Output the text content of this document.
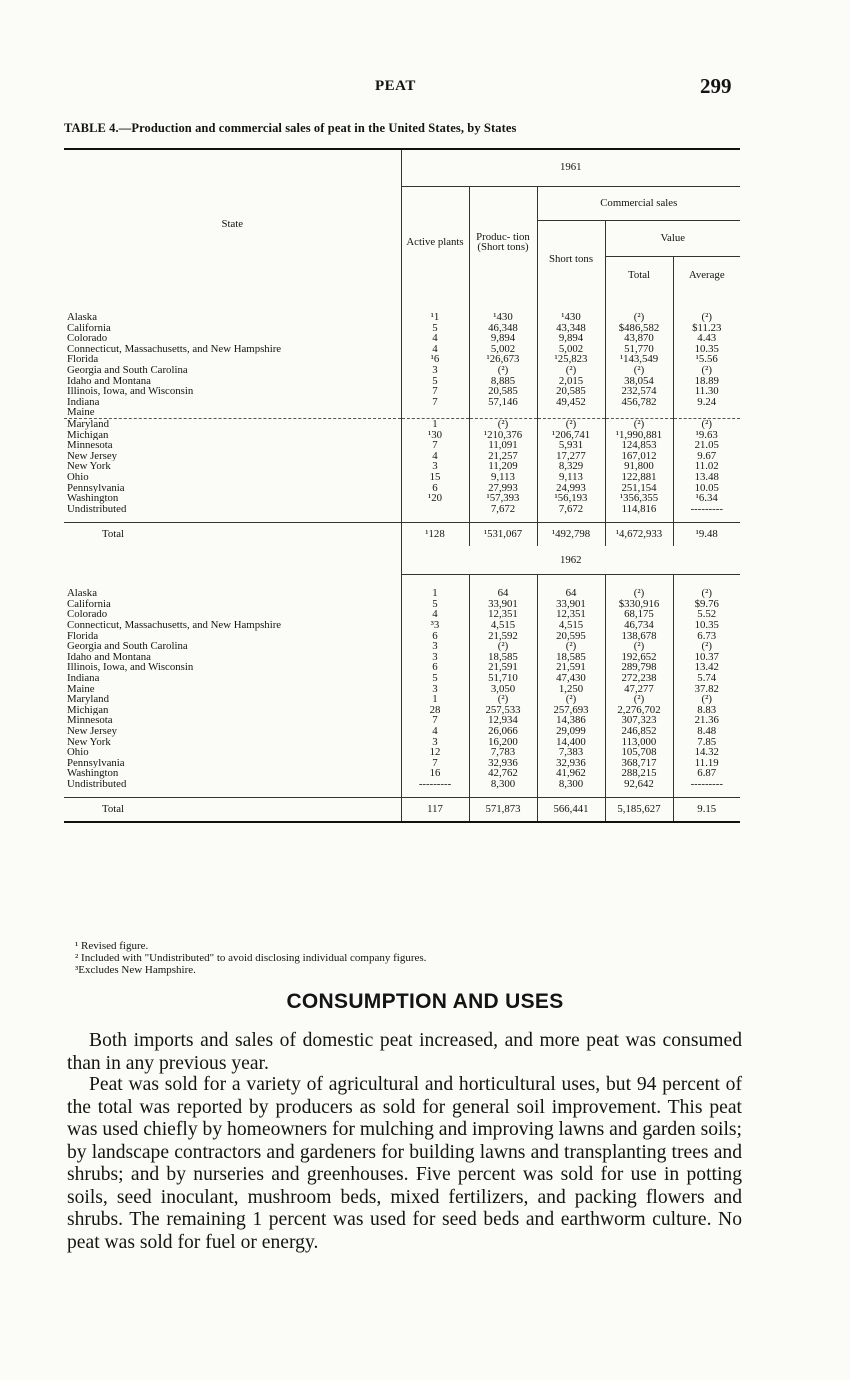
PEAT	299
TABLE 4.—Production and commercial sales of peat in the United States, by States

State	1961				
	Active plants	Produc- tion (Short tons)	Commercial sales		
			Short tons	Value	
				Total	Average

Alaska	¹1	¹430	¹430	(²)	(²)
California	5	46,348	43,348	$486,582	$11.23
Colorado	4	9,894	9,894	43,870	4.43
Connecticut, Massachusetts, and New Hampshire	4	5,002	5,002	51,770	10.35
Florida	¹6	¹26,673	¹25,823	¹143,549	¹5.56
Georgia and South Carolina	3	(²)	(²)	(²)	(²)
Idaho and Montana	5	8,885	2,015	38,054	18.89
Illinois, Iowa, and Wisconsin	7	20,585	20,585	232,574	11.30
Indiana	7	57,146	49,452	456,782	9.24
Maine					
Maryland	1	(²)	(²)	(²)	(²)
Michigan	¹30	¹210,376	¹206,741	¹1,990,881	¹9.63
Minnesota	7	11,091	5,931	124,853	21.05
New Jersey	4	21,257	17,277	167,012	9.67
New York	3	11,209	8,329	91,800	11.02
Ohio	15	9,113	9,113	122,881	13.48
Pennsylvania	6	27,993	24,993	251,154	10.05
Washington	¹20	¹57,393	¹56,193	¹356,355	¹6.34
Undistributed		7,672	7,672	114,816	---------

Total	¹128	¹531,067	¹492,798	¹4,672,933	¹9.48
	1962				

Alaska	1	64	64	(²)	(²)
California	5	33,901	33,901	$330,916	$9.76
Colorado	4	12,351	12,351	68,175	5.52
Connecticut, Massachusetts, and New Hampshire	³3	4,515	4,515	46,734	10.35
Florida	6	21,592	20,595	138,678	6.73
Georgia and South Carolina	3	(²)	(²)	(²)	(²)
Idaho and Montana	3	18,585	18,585	192,652	10.37
Illinois, Iowa, and Wisconsin	6	21,591	21,591	289,798	13.42
Indiana	5	51,710	47,430	272,238	5.74
Maine	3	3,050	1,250	47,277	37.82
Maryland	1	(²)	(²)	(²)	(²)
Michigan	28	257,533	257,693	2,276,702	8.83
Minnesota	7	12,934	14,386	307,323	21.36
New Jersey	4	26,066	29,099	246,852	8.48
New York	3	16,200	14,400	113,000	7.85
Ohio	12	7,783	7,383	105,708	14.32
Pennsylvania	7	32,936	32,936	368,717	11.19
Washington	16	42,762	41,962	288,215	6.87
Undistributed	---------	8,300	8,300	92,642	---------

Total	117	571,873	566,441	5,185,627	9.15

¹ Revised figure.
² Included with "Undistributed" to avoid disclosing individual company figures.
³Excludes New Hampshire.
CONSUMPTION AND USES

Both imports and sales of domestic peat increased, and more peat was consumed than in any previous year.

Peat was sold for a variety of agricultural and horticultural uses, but 94 percent of the total was reported by producers as sold for general soil improvement. This peat was used chiefly by homeowners for mulching and improving lawns and garden soils; by landscape contractors and gardeners for building lawns and transplanting trees and shrubs; and by nurseries and greenhouses. Five percent was sold for use in potting soils, seed inoculant, mushroom beds, mixed fertilizers, and packing flowers and shrubs. The remaining 1 percent was used for seed beds and earthworm culture. No peat was sold for fuel or energy.
